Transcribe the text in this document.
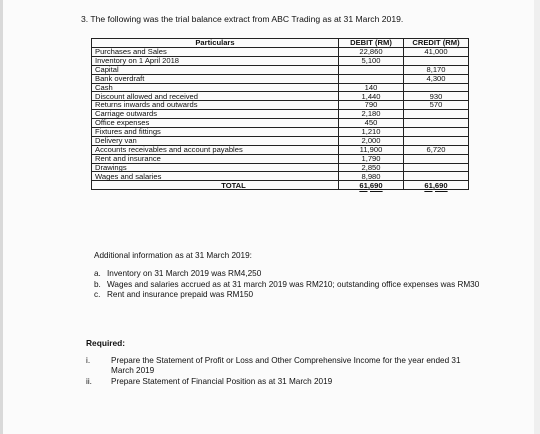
3. The following was the trial balance extract from ABC Trading as at 31 March 2019.
Particulars	DEBIT (RM)	CREDIT (RM)
Purchases and Sales	22,860	41,000
Inventory on 1 April 2018	5,100	
Capital		8,170
Bank overdraft		4,300
Cash	140	
Discount allowed and received	1,440	930
Returns inwards and outwards	790	570
Carriage outwards	2,180	
Office expenses	450	
Fixtures and fittings	1,210	
Delivery van	2,000	
Accounts receivables and account payables	11,900	6,720
Rent and insurance	1,790	
Drawings	2,850	
Wages and salaries	8,980	
TOTAL	61,690	61,690
Additional information as at 31 March 2019:
a. Inventory on 31 March 2019 was RM4,250
b. Wages and salaries accrued as at 31 march 2019 was RM210; outstanding office expenses was RM30
c. Rent and insurance prepaid was RM150
Required:
i.	Prepare the Statement of Profit or Loss and Other Comprehensive Income for the year ended 31 March 2019
ii. Prepare Statement of Financial Position as at 31 March 2019
